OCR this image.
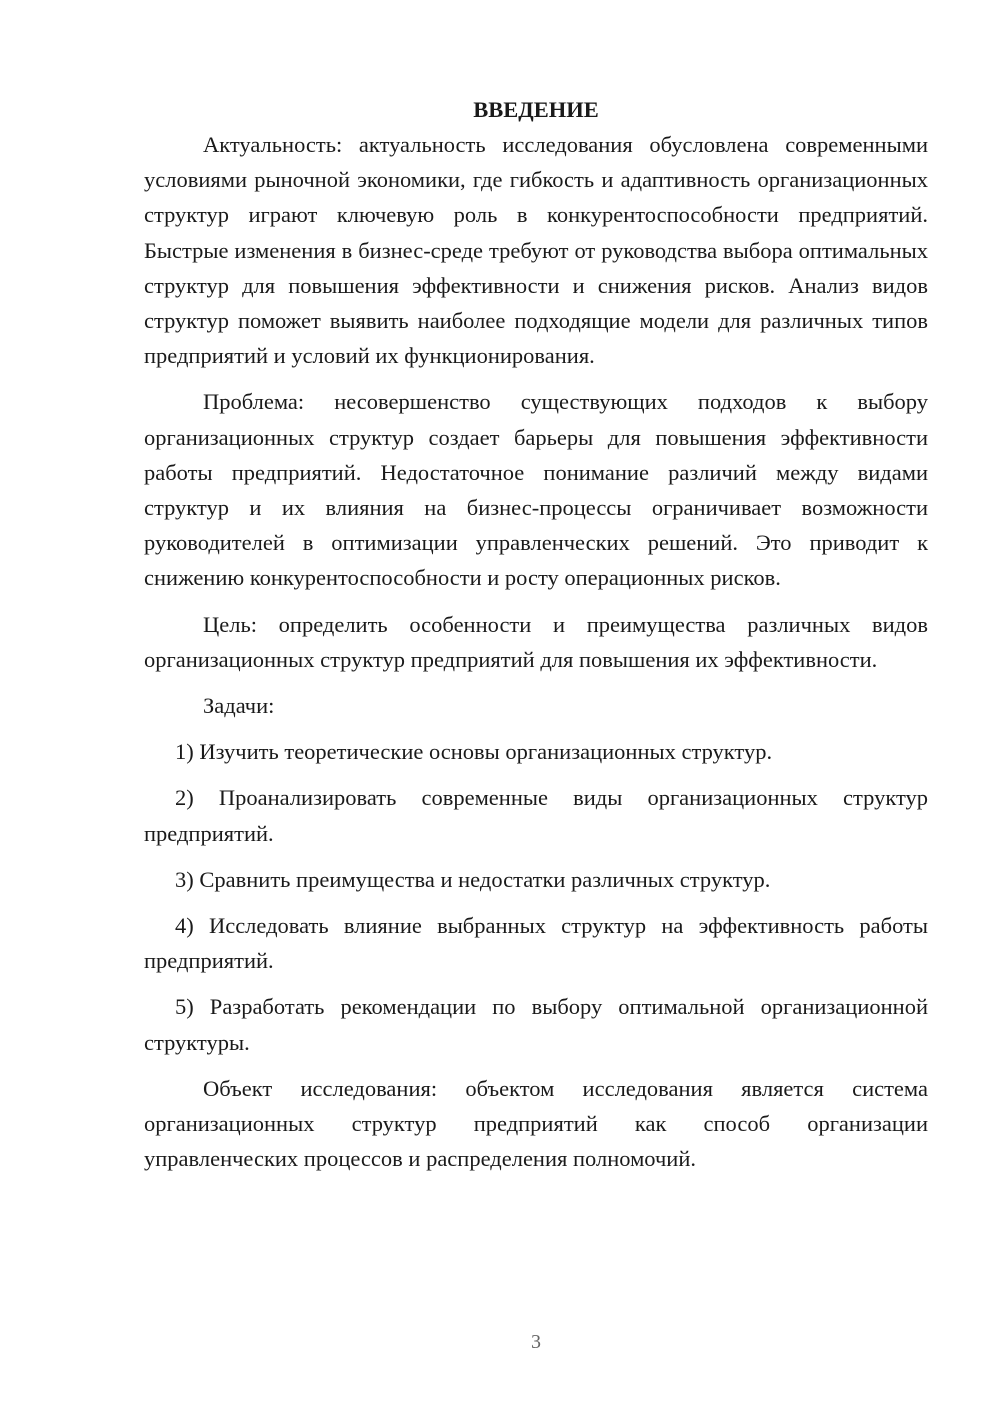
ВВЕДЕНИЕ

Актуальность: актуальность исследования обусловлена современными условиями рыночной экономики, где гибкость и адаптивность организационных структур играют ключевую роль в конкурентоспособности предприятий. Быстрые изменения в бизнес-среде требуют от руководства выбора оптимальных структур для повышения эффективности и снижения рисков. Анализ видов структур поможет выявить наиболее подходящие модели для различных типов предприятий и условий их функционирования.

Проблема: несовершенство существующих подходов к выбору организационных структур создает барьеры для повышения эффективности работы предприятий. Недостаточное понимание различий между видами структур и их влияния на бизнес-процессы ограничивает возможности руководителей в оптимизации управленческих решений. Это приводит к снижению конкурентоспособности и росту операционных рисков.

Цель: определить особенности и преимущества различных видов организационных структур предприятий для повышения их эффективности.

Задачи:

1) Изучить теоретические основы организационных структур.

2) Проанализировать современные виды организационных структур предприятий.

3) Сравнить преимущества и недостатки различных структур.

4) Исследовать влияние выбранных структур на эффективность работы предприятий.

5) Разработать рекомендации по выбору оптимальной организационной структуры.

Объект исследования: объектом исследования является система организационных структур предприятий как способ организации управленческих процессов и распределения полномочий.

3
